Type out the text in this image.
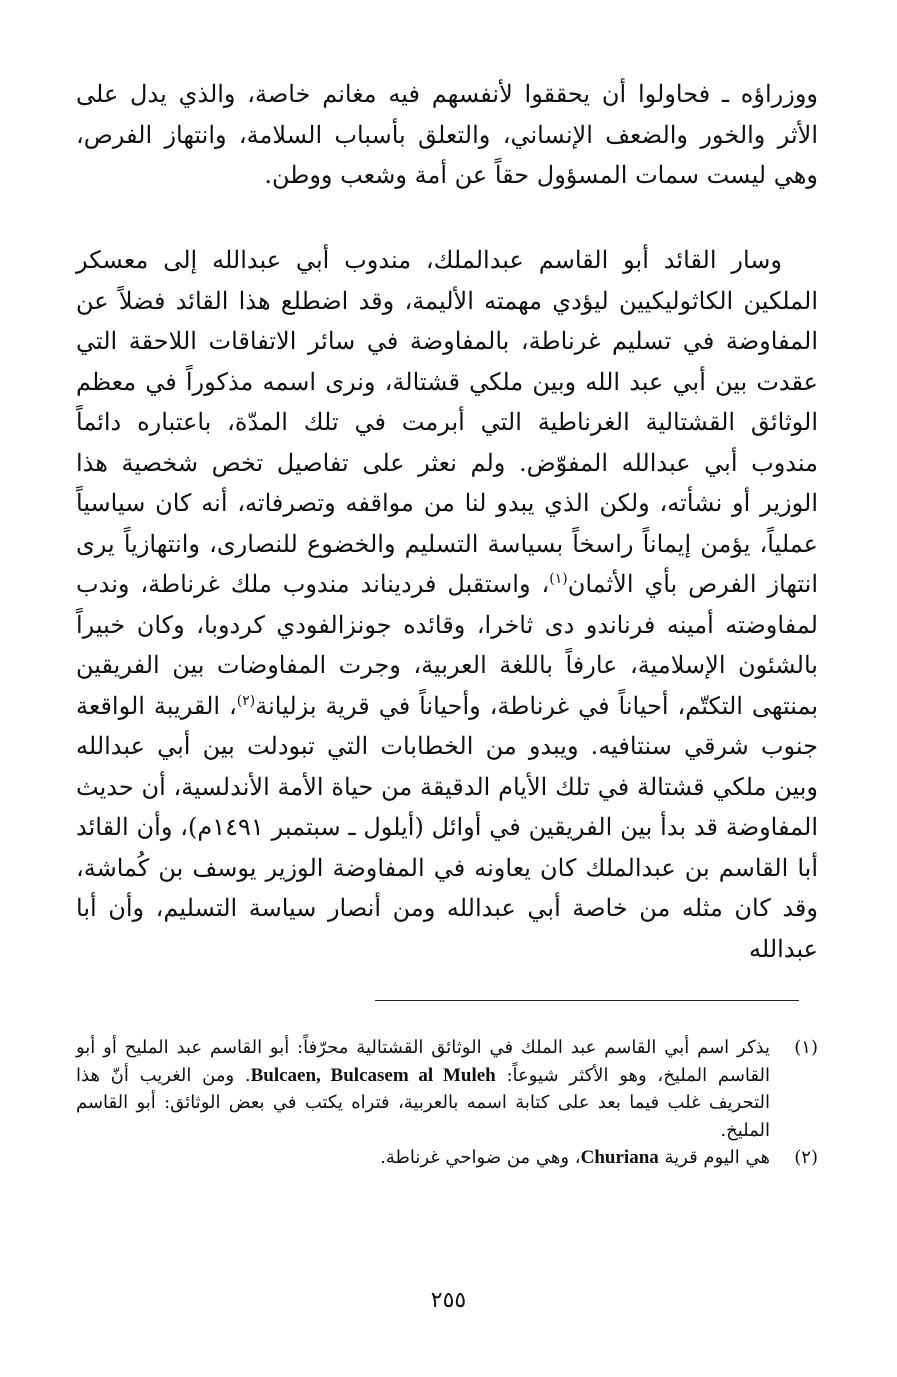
ووزراؤه ـ فحاولوا أن يحققوا لأنفسهم فيه مغانم خاصة، والذي يدل على الأثر والخور والضعف الإنساني، والتعلق بأسباب السلامة، وانتهاز الفرص، وهي ليست سمات المسؤول حقاً عن أمة وشعب ووطن.

وسار القائد أبو القاسم عبدالملك، مندوب أبي عبدالله إلى معسكر الملكين الكاثوليكيين ليؤدي مهمته الأليمة، وقد اضطلع هذا القائد فضلاً عن المفاوضة في تسليم غرناطة، بالمفاوضة في سائر الاتفاقات اللاحقة التي عقدت بين أبي عبد الله وبين ملكي قشتالة، ونرى اسمه مذكوراً في معظم الوثائق القشتالية الغرناطية التي أبرمت في تلك المدّة، باعتباره دائماً مندوب أبي عبدالله المفوّض. ولم نعثر على تفاصيل تخص شخصية هذا الوزير أو نشأته، ولكن الذي يبدو لنا من مواقفه وتصرفاته، أنه كان سياسياً عملياً، يؤمن إيماناً راسخاً بسياسة التسليم والخضوع للنصارى، وانتهازياً يرى انتهاز الفرص بأي الأثمان$^{(١)}$، واستقبل فرديناند مندوب ملك غرناطة، وندب لمفاوضته أمينه فرناندو دى ثاخرا، وقائده جونزالفودي كردوبا، وكان خبيراً بالشئون الإسلامية، عارفاً باللغة العربية، وجرت المفاوضات بين الفريقين بمنتهى التكتّم، أحياناً في غرناطة، وأحياناً في قرية بزليانة$^{(٢)}$، القريبة الواقعة جنوب شرقي سنتافيه. ويبدو من الخطابات التي تبودلت بين أبي عبدالله وبين ملكي قشتالة في تلك الأيام الدقيقة من حياة الأمة الأندلسية، أن حديث المفاوضة قد بدأ بين الفريقين في أوائل (أيلول ـ سبتمبر ١٤٩١م)، وأن القائد أبا القاسم بن عبدالملك كان يعاونه في المفاوضة الوزير يوسف بن كُماشة، وقد كان مثله من خاصة أبي عبدالله ومن أنصار سياسة التسليم، وأن أبا عبدالله

(١)
يذكر اسم أبي القاسم عبد الملك في الوثائق القشتالية محرّفاً: أبو القاسم عبد المليح أو أبو القاسم المليخ، وهو الأكثر شيوعاً: Bulcaen, Bulcasem al Muleh. ومن الغريب أنّ هذا التحريف غلب فيما بعد على كتابة اسمه بالعربية، فتراه يكتب في بعض الوثائق: أبو القاسم المليخ.
(٢)
هي اليوم قرية Churiana، وهي من ضواحي غرناطة.
٢٥٥
